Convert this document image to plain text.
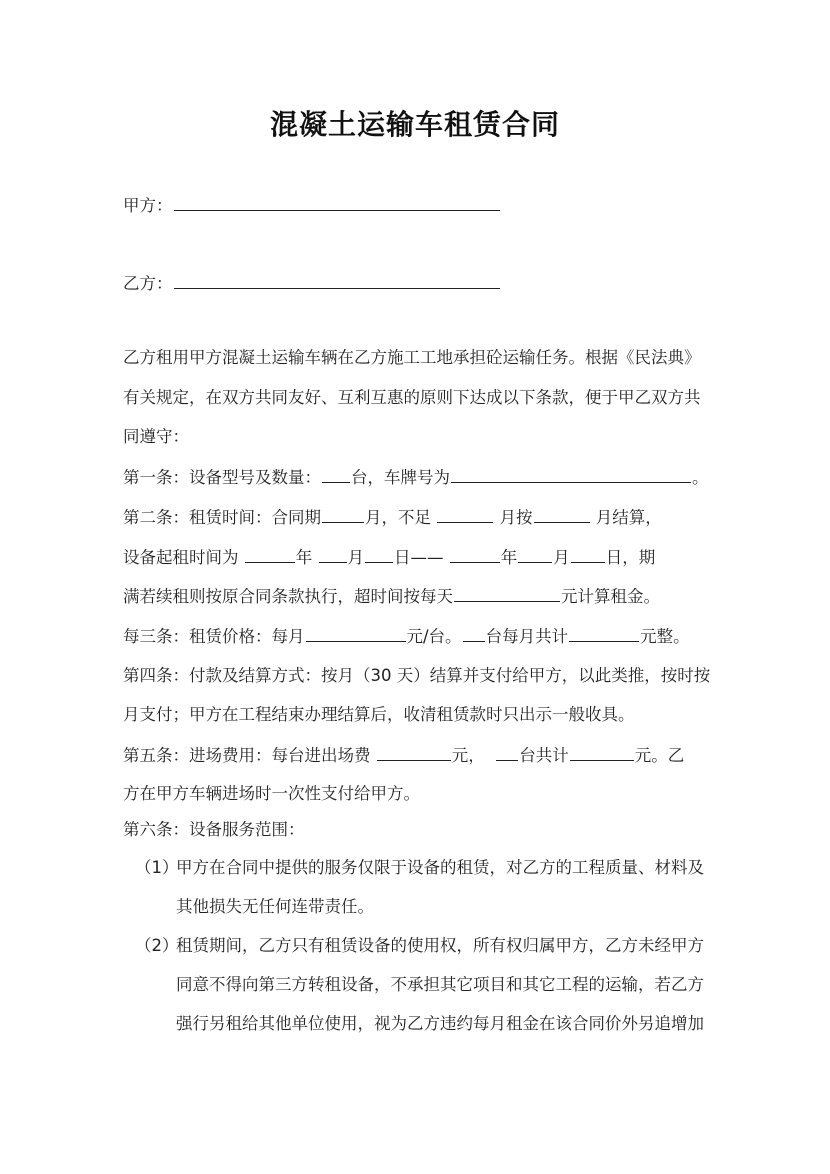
混凝土运输车租赁合同
甲方：
乙方：
乙方租用甲方混凝土运输车辆在乙方施工工地承担砼运输任务。根据《民法典》
有关规定，在双方共同友好、互利互惠的原则下达成以下条款，便于甲乙双方共
同遵守：
第一条：设备型号及数量： 台，车牌号为	。
第二条：租赁时间：合同期	月，不足	月按	月结算，
设备起租时间为	年 月 日——	年 月 日，期
满若续租则按原合同条款执行，超时间按每天	元计算租金。
每三条：租赁价格：每月	元/台。 台每月共计	元整。
第四条：付款及结算方式：按月（30 天）结算并支付给甲方，以此类推，按时按
月支付；甲方在工程结束办理结算后，收清租赁款时只出示一般收具。
第五条：进场费用：每台进出场费	元， 台共计	元。乙
方在甲方车辆进场时一次性支付给甲方。
第六条：设备服务范围：
（1）
甲方在合同中提供的服务仅限于设备的租赁，对乙方的工程质量、材料及
其他损失无任何连带责任。
（2）
租赁期间，乙方只有租赁设备的使用权，所有权归属甲方，乙方未经甲方
同意不得向第三方转租设备，不承担其它项目和其它工程的运输，若乙方
强行另租给其他单位使用，视为乙方违约每月租金在该合同价外另追增加
